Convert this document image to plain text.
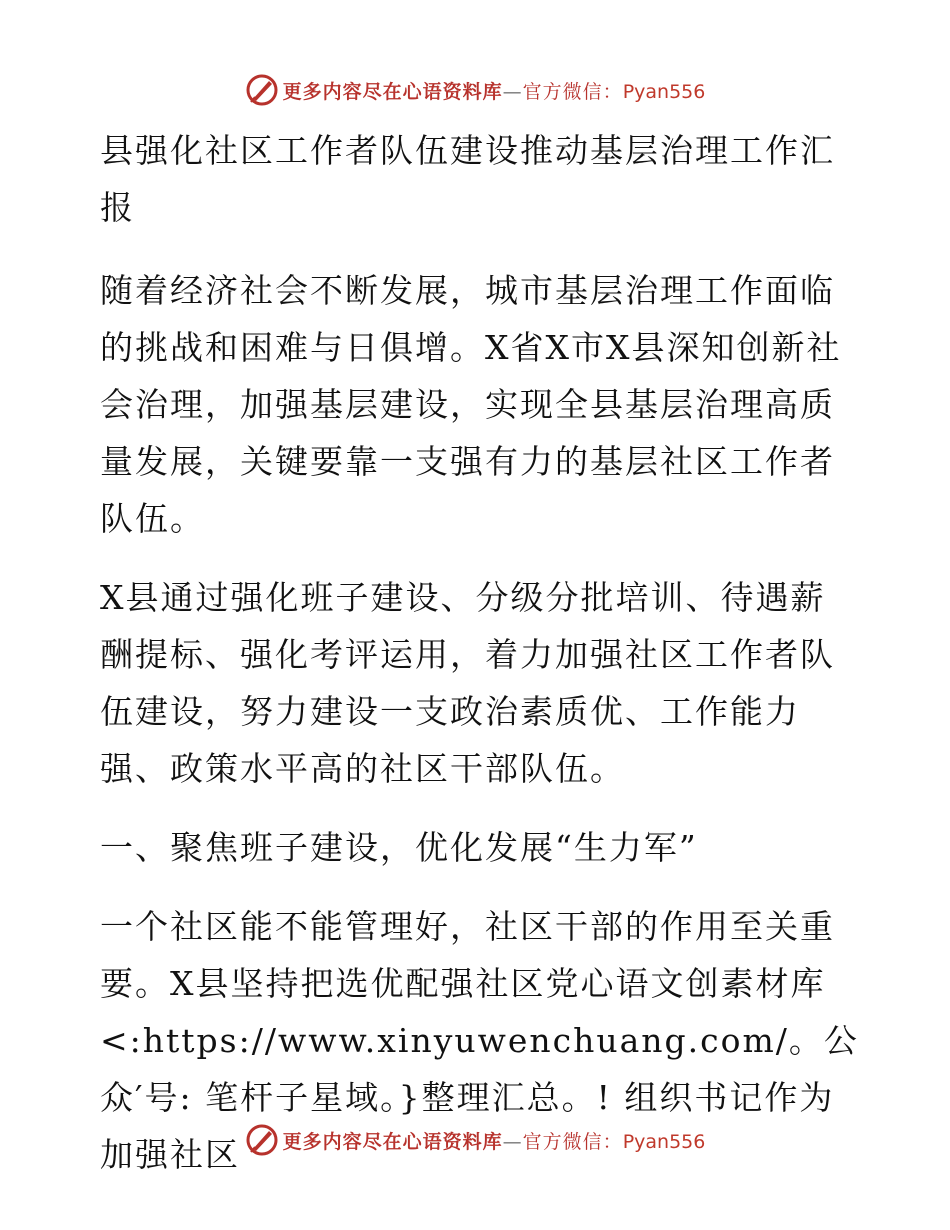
更多内容尽在心语资料库—官方微信：Pyan556

县强化社区工作者队伍建设推动基层治理工作汇报

随着经济社会不断发展，城市基层治理工作面临的挑战和困难与日俱增。X省X市X县深知创新社会治理，加强基层建设，实现全县基层治理高质量发展，关键要靠一支强有力的基层社区工作者队伍。

X县通过强化班子建设、分级分批培训、待遇薪酬提标、强化考评运用，着力加强社区工作者队伍建设，努力建设一支政治素质优、工作能力强、政策水平高的社区干部队伍。

一、聚焦班子建设，优化发展“生力军”

一个社区能不能管理好，社区干部的作用至关重要。X县坚持把选优配强社区党心语文创素材库<:https://www.xinyuwenchuang.com/。公众′号: 笔杆子星域。}整理汇总。! 组织书记作为加强社区	更多内容尽在心语资料库—官方微信：Pyan556
